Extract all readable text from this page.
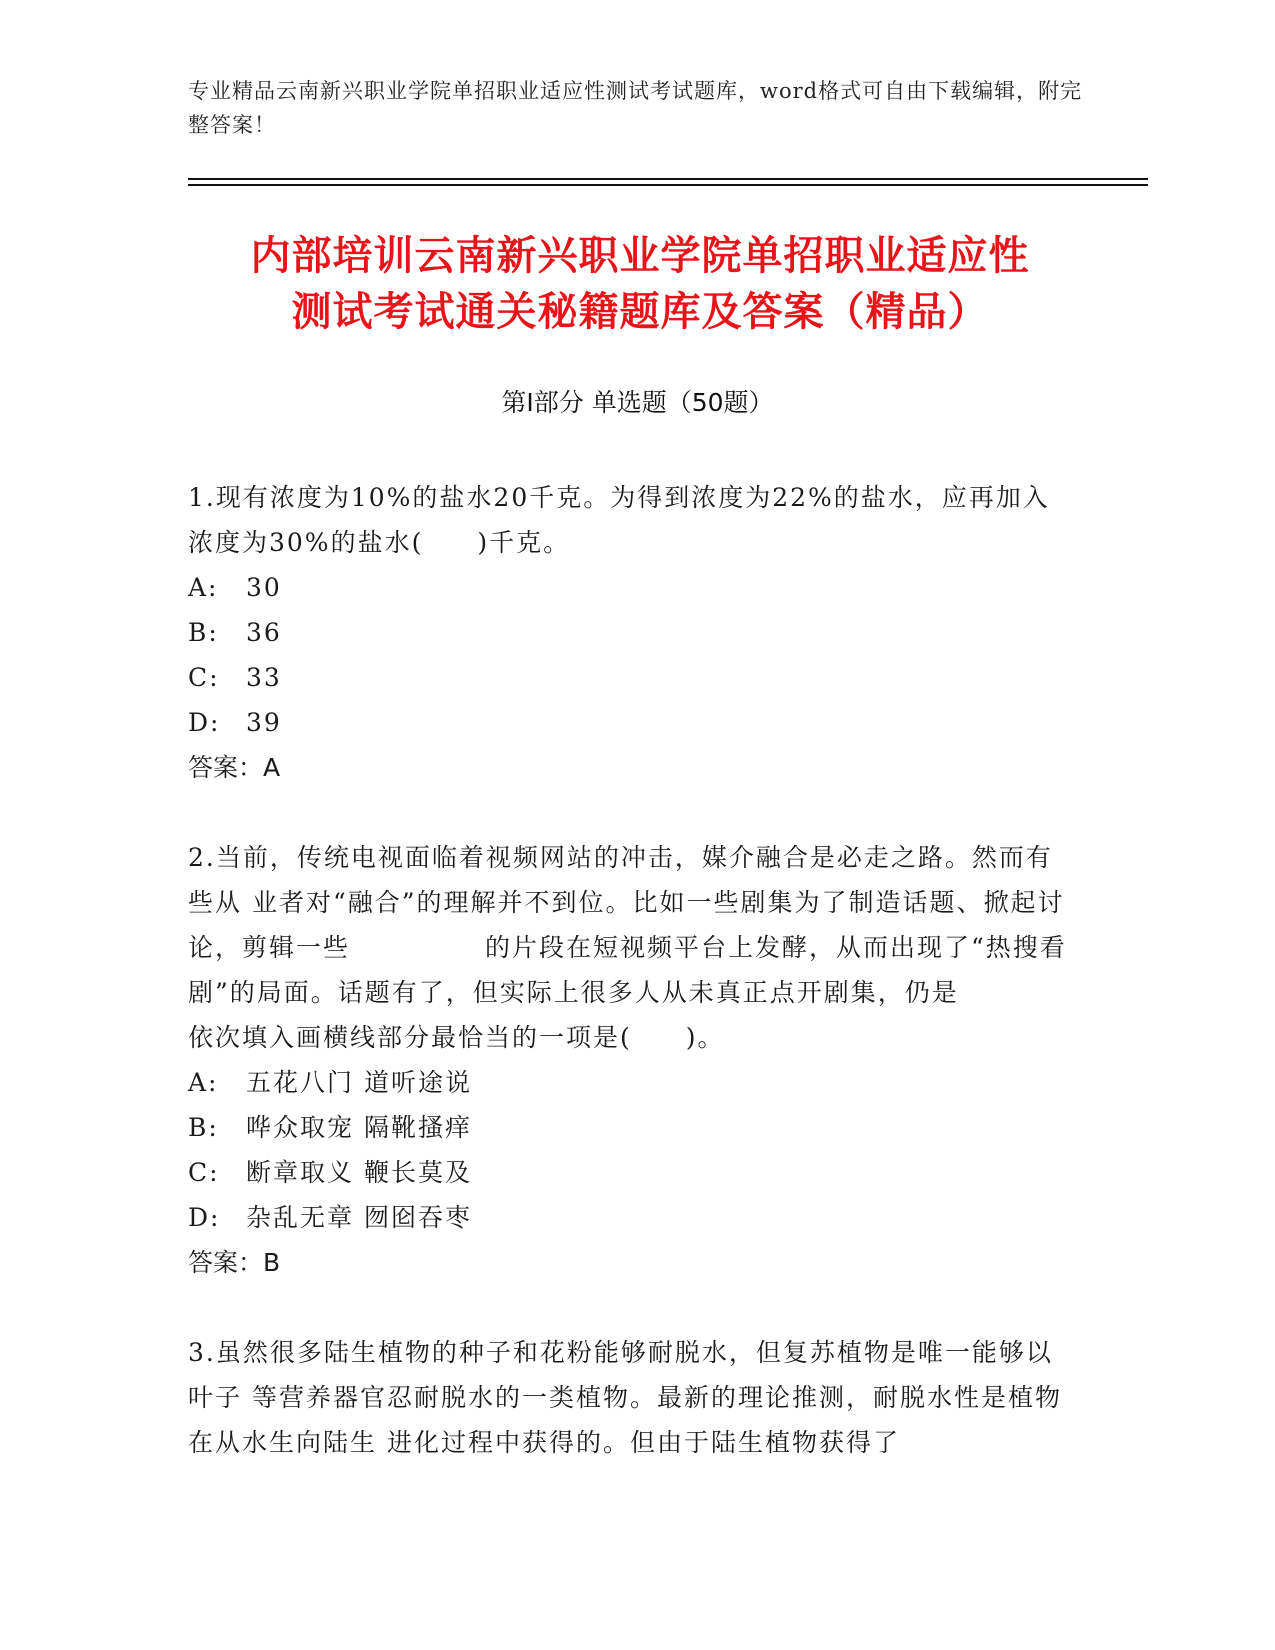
专业精品云南新兴职业学院单招职业适应性测试考试题库，word格式可自由下载编辑，附完整答案！
内部培训云南新兴职业学院单招职业适应性
测试考试通关秘籍题库及答案（精品）
第Ⅰ部分 单选题（50题）

1.现有浓度为10%的盐水20千克。为得到浓度为22%的盐水，应再加入浓度为30%的盐水(　　)千克。

A:	30
B:	36
C:	33
D:	39

答案：A

2.当前，传统电视面临着视频网站的冲击，媒介融合是必走之路。然而有些从 业者对“融合”的理解并不到位。比如一些剧集为了制造话题、掀起讨论，剪辑一些　　　　　的片段在短视频平台上发酵，从而出现了“热搜看剧”的局面。话题有了，但实际上很多人从未真正点开剧集，仍是　　　　　依次填入画横线部分最恰当的一项是(　　)。

A:	五花八门 道听途说
B:	哗众取宠 隔靴搔痒
C:	断章取义 鞭长莫及
D:	杂乱无章 囫囵吞枣

答案：B

3.虽然很多陆生植物的种子和花粉能够耐脱水，但复苏植物是唯一能够以叶子 等营养器官忍耐脱水的一类植物。最新的理论推测，耐脱水性是植物在从水生向陆生 进化过程中获得的。但由于陆生植物获得了
